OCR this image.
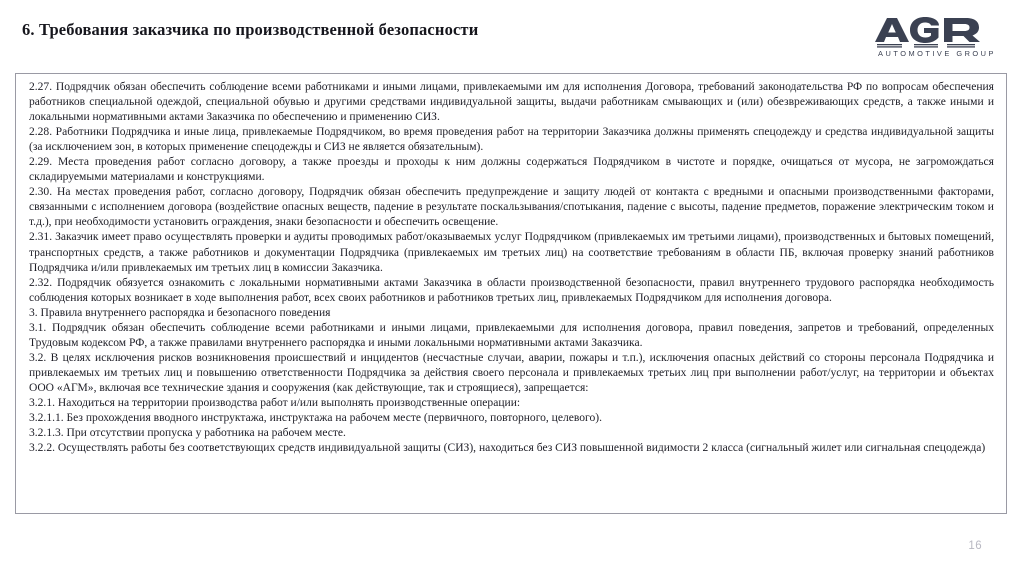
6. Требования заказчика по производственной безопасности
AUTOMOTIVE GROUP

2.27. Подрядчик обязан обеспечить соблюдение всеми работниками и иными лицами, привлекаемыми им для исполнения Договора, требований законодательства РФ по вопросам обеспечения работников специальной одеждой, специальной обувью и другими средствами индивидуальной защиты, выдачи работникам смывающих и (или) обезвреживающих средств, а также иными и локальными нормативными актами Заказчика по обеспечению и применению СИЗ.

2.28. Работники Подрядчика и иные лица, привлекаемые Подрядчиком, во время проведения работ на территории Заказчика должны применять спецодежду и средства индивидуальной защиты (за исключением зон, в которых применение спецодежды и СИЗ не является обязательным).

2.29. Места проведения работ согласно договору, а также проезды и проходы к ним должны содержаться Подрядчиком в чистоте и порядке, очищаться от мусора, не загромождаться складируемыми материалами и конструкциями.

2.30. На местах проведения работ, согласно договору, Подрядчик обязан обеспечить предупреждение и защиту людей от контакта с вредными и опасными производственными факторами, связанными с исполнением договора (воздействие опасных веществ, падение в результате поскальзывания/спотыкания, падение с высоты, падение предметов, поражение электрическим током и т.д.), при необходимости установить ограждения, знаки безопасности и обеспечить освещение.

2.31. Заказчик имеет право осуществлять проверки и аудиты проводимых работ/оказываемых услуг Подрядчиком (привлекаемых им третьими лицами), производственных и бытовых помещений, транспортных средств, а также работников и документации Подрядчика (привлекаемых им третьих лиц) на соответствие требованиям в области ПБ, включая проверку знаний работников Подрядчика и/или привлекаемых им третьих лиц в комиссии Заказчика.

2.32. Подрядчик обязуется ознакомить с локальными нормативными актами Заказчика в области производственной безопасности, правил внутреннего трудового распорядка необходимость соблюдения которых возникает в ходе выполнения работ, всех своих работников и работников третьих лиц, привлекаемых Подрядчиком для исполнения договора.

3. Правила внутреннего распорядка и безопасного поведения

3.1. Подрядчик обязан обеспечить соблюдение всеми работниками и иными лицами, привлекаемыми для исполнения договора, правил поведения, запретов и требований, определенных Трудовым кодексом РФ, а также правилами внутреннего распорядка и иными локальными нормативными актами Заказчика.

3.2. В целях исключения рисков возникновения происшествий и инцидентов (несчастные случаи, аварии, пожары и т.п.), исключения опасных действий со стороны персонала Подрядчика и привлекаемых им третьих лиц и повышению ответственности Подрядчика за действия своего персонала и привлекаемых третьих лиц при выполнении работ/услуг, на территории и объектах ООО «АГМ», включая все технические здания и сооружения (как действующие, так и строящиеся), запрещается:

3.2.1. Находиться на территории производства работ и/или выполнять производственные операции:

3.2.1.1. Без прохождения вводного инструктажа, инструктажа на рабочем месте (первичного, повторного, целевого).

3.2.1.3. При отсутствии пропуска у работника на рабочем месте.

3.2.2. Осуществлять работы без соответствующих средств индивидуальной защиты (СИЗ), находиться без СИЗ повышенной видимости 2 класса (сигнальный жилет или сигнальная спецодежда)

16
